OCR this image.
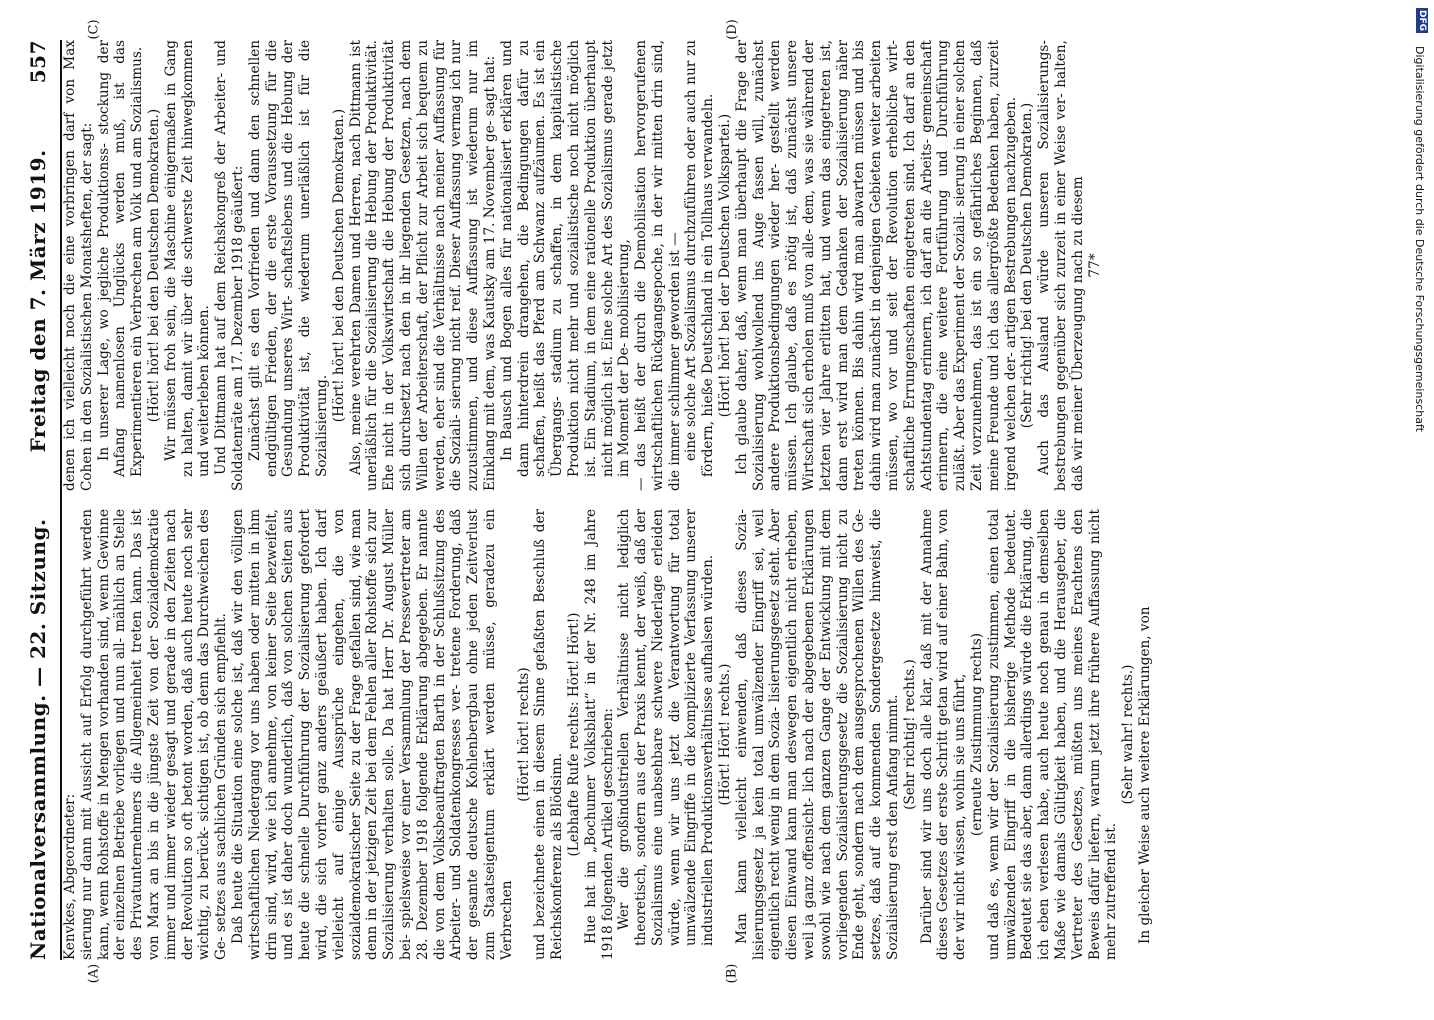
Nationalversammlung. — 22. Sitzung.
Freitag den 7. März 1919.
557

Kenvkes, Abgeordneter: sierung nur dann mit Aussicht auf Erfolg durchgeführt werden kann, wenn Rohstoffe in Mengen vorhanden sind, wenn Gewinne der einzelnen Betriebe vorliegen und nun all- mählich an Stelle des Privatunternehmers die Allgemeinheit treten kann. Das ist von Marx an bis in die jüngste Zeit von der Sozialdemokratie immer und immer wieder gesagt und gerade in den Zeiten nach der Revolution so oft betont worden, daß auch heute noch sehr wichtig, zu berück- sichtigen ist, ob denn das Durchweichen des Ge- setzes aus sachlichen Gründen sich empfiehlt. Daß heute die Situation eine solche ist, daß wir den völligen wirtschaftlichen Niedergang vor uns haben oder mitten in ihm drin sind, wird, wie ich annehme, von keiner Seite bezweifelt, und es ist daher doch wunderlich, daß von solchen Seiten aus heute die schnelle Durchführung der Sozialisierung gefordert wird, die sich vorher ganz anders geäußert haben. Ich darf vielleicht auf einige Aussprüche eingehen, die von sozialdemokratischer Seite zu der Frage gefallen sind, wie man denn in der jetzigen Zeit bei dem Fehlen aller Rohstoffe sich zur Sozialisierung verhalten solle. Da hat Herr Dr. August Müller bei- spielsweise vor einer Versammlung der Pressevertreter am 28. Dezember 1918 folgende Erklärung abgegeben. Er nannte die von dem Volksbeauftragten Barth in der Schlußsitzung des Arbeiter- und Soldatenkongresses ver- tretene Forderung, daß der gesamte deutsche Kohlenbergbau ohne jeden Zeitverlust zum Staatseigentum erklärt werden müsse, geradezu ein Verbrechen

(Hört! hört! rechts) und bezeichnete einen in diesem Sinne gefaßten Beschluß der Reichskonferenz als Blödsinn. (Lebhafte Rufe rechts: Hört! Hört!) Hue hat im „Bochumer Volksblatt“ in der Nr. 248 im Jahre 1918 folgenden Artikel geschrieben: Wer die großindustriellen Verhältnisse nicht lediglich theoretisch, sondern aus der Praxis kennt, der weiß, daß der Sozialismus eine unabsehbare schwere Niederlage erleiden würde, wenn wir uns jetzt die Verantwortung für total umwälzende Eingriffe in die komplizierte Verfassung unserer industriellen Produktionsverhältnisse aufhalsen würden. (Hört! Hört! rechts.) Man kann vielleicht einwenden, daß dieses Sozia- lisierungsgesetz ja kein total umwälzender Eingriff sei, weil eigentlich recht wenig in dem Sozia- lisierungsgesetz steht. Aber diesen Einwand kann man deswegen eigentlich nicht erheben, weil ja ganz offensicht- lich nach der abgegebenen Erklärungen sowohl wie nach dem ganzen Gange der Entwicklung mit dem vorliegenden Sozialisierungsgesetz die Sozialisierung nicht zu Ende geht, sondern nach dem ausgesprochenen Willen des Ge- setzes, daß auf die kommenden Sondergesetze hinweist, die Sozialisierung erst den Anfang nimmt. (Sehr richtig! rechts.) Darüber sind wir uns doch alle klar, daß mit der Annahme dieses Gesetzes der erste Schritt getan wird auf einer Bahn, von der wir nicht wissen, wohin sie uns führt, (erneute Zustimmung rechts) und daß es, wenn wir der Sozialisierung zustimmen, einen total umwälzenden Eingriff in die bisherige Methode bedeutet. Bedeutet sie das aber, dann allerdings würde die Erklärung, die ich eben verlesen habe, auch heute noch genau in demselben Maße wie damals Gültigkeit haben, und die Herausgeber, die Vertreter des Gesetzes, müßten uns meines Erachtens den Beweis dafür liefern, warum jetzt ihre frühere Auffassung nicht mehr zutreffend ist.

(Sehr wahr! rechts.) In gleicher Weise auch weitere Erklärungen, von

denen ich vielleicht noch die eine vorbringen darf von Max Cohen in den Sozialistischen Monatsheften, der sagt: In unserer Lage, wo jegliche Produktionss- stockung der Anfang namenlosen Unglücks werden muß, ist das Experimentieren ein Verbrechen am Volk und am Sozialismus. (Hört! hört! bei den Deutschen Demokraten.) Wir müssen froh sein, die Maschine einigermaßen in Gang zu halten, damit wir über die schwerste Zeit hinwegkommen und weiterleben können. Und Dittmann hat auf dem Reichskongreß der Arbeiter- und Soldatenräte am 17. Dezember 1918 geäußert: Zunächst gilt es den Vorfrieden und dann den schnellen endgültigen Frieden, der die erste Voraussetzung für die Gesundung unseres Wirt- schaftslebens und die Hebung der Produktivität ist, die wiederum unerläßlich ist für die Sozialisierung.

(Hört! hört! bei den Deutschen Demokraten.) Also, meine verehrten Damen und Herren, nach Dittmann ist unerläßlich für die Sozialisierung die Hebung der Produktivität. Ehe nicht in der Volkswirtschaft die Hebung der Produktivität sich durchsetzt nach den in ihr liegenden Gesetzen, nach dem Willen der Arbeiterschaft, der Pflicht zur Arbeit sich bequem zu werden, eher sind die Verhältnisse nach meiner Auffassung für die Soziali- sierung nicht reif. Dieser Auffassung vermag ich nur zuzustimmen, und diese Auffassung ist wiederum nur im Einklang mit dem, was Kautsky am 17. November ge- sagt hat: In Bausch und Bogen alles für nationalisiert erklären und dann hinterdrein drangehen, die Bedingungen dafür zu schaffen, heißt das Pferd am Schwanz aufzäumen. Es ist ein Übergangs- stadium zu schaffen, in dem kapitalistische Produktion nicht mehr und sozialistische noch nicht möglich ist. Ein Stadium, in dem eine rationelle Produktion überhaupt nicht möglich ist. Eine solche Art des Sozialismus gerade jetzt im Moment der De- mobilisierung, — das heißt der durch die Demobilisation hervorgerufenen wirtschaftlichen Rückgangsepoche, in der wir mitten drin sind, die immer schlimmer geworden ist — eine solche Art Sozialismus durchzuführen oder auch nur zu fördern, hieße Deutschland in ein Tollhaus verwandeln. (Hört! hört! bei der Deutschen Volkspartei.) Ich glaube daher, daß, wenn man überhaupt die Frage der Sozialisierung wohlwollend ins Auge fassen will, zunächst andere Produktionsbedingungen wieder her- gestellt werden müssen. Ich glaube, daß es nötig ist, daß zunächst unsere Wirtschaft sich erholen muß von alle- dem, was sie während der letzten vier Jahre erlitten hat, und wenn das eingetreten ist, dann erst wird man dem Gedanken der Sozialisierung näher treten können. Bis dahin wird man abwarten müssen und bis dahin wird man zunächst in denjenigen Gebieten weiter arbeiten müssen, wo vor und seit der Revolution erhebliche wirt- schaftliche Errungenschaften eingetreten sind. Ich darf an den Achtstundentag erinnern, ich darf an die Arbeits- gemeinschaft erinnern, die eine weitere Fortführung und Durchführung zuläßt. Aber das Experiment der Soziali- sierung in einer solchen Zeit vorzunehmen, das ist ein so gefährliches Beginnen, daß meine Freunde und ich das allergrößte Bedenken haben, zurzeit irgend welchen der- artigen Bestrebungen nachzugeben. (Sehr richtig! bei den Deutschen Demokraten.) Auch das Ausland würde unseren Sozialisierungs- bestrebungen gegenüber sich zurzeit in einer Weise ver- halten, daß wir meiner Überzeugung nach zu diesem 77*

(A)	(B)
(C)	(D)	DFG
Digitalisierung gefördert durch die Deutsche Forschungsgemeinschaft
